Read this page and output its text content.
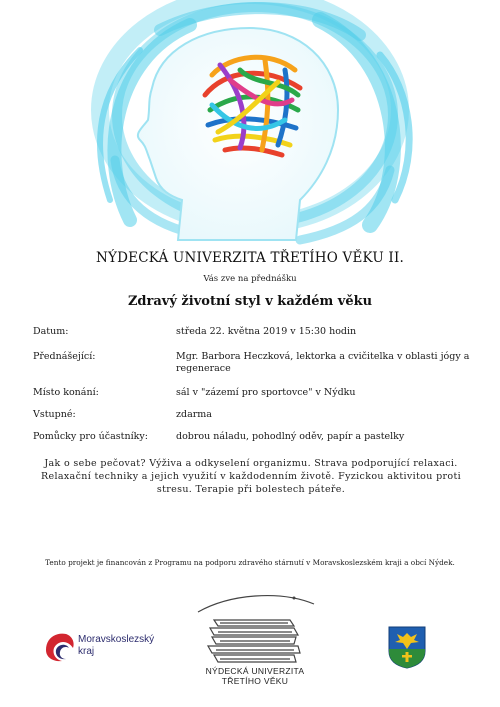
NÝDECKÁ UNIVERZITA TŘETÍHO VĚKU II.
Vás zve na přednášku
Zdravý životní styl v každém věku
Datum:	středa 22. května 2019 v 15:30 hodin
Přednášející:	Mgr. Barbora Heczková, lektorka a cvičitelka v oblasti jógy a regenerace
Místo konání:	sál v "zázemí pro sportovce" v Nýdku
Vstupné:	zdarma
Pomůcky pro účastníky:	dobrou náladu, pohodlný oděv, papír a pastelky
Jak o sebe pečovat? Výživa a odkyselení organizmu. Strava podporující relaxaci. Relaxační techniky a jejich využití v každodenním životě. Fyzickou aktivitou proti stresu. Terapie při bolestech páteře.
Tento projekt je financován z Programu na podporu zdravého stárnutí v Moravskoslezském kraji a obcí Nýdek.
Moravskoslezský
kraj
NÝDECKÁ UNIVERZITA
TŘETÍHO VĚKU
